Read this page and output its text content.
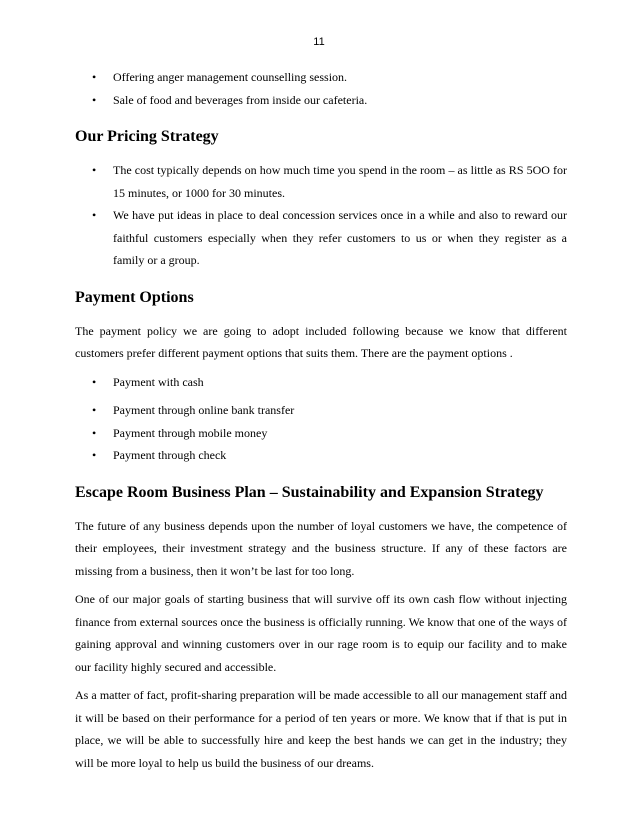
11
• Offering anger management counselling session.
• Sale of food and beverages from inside our cafeteria.
Our Pricing Strategy
• The cost typically depends on how much time you spend in the room – as little as RS 5OO for 15 minutes, or 1000 for 30 minutes.
• We have put ideas in place to deal concession services once in a while and also to reward our faithful customers especially when they refer customers to us or when they register as a family or a group.
Payment Options

The payment policy we are going to adopt included following because we know that different customers prefer different payment options that suits them. There are the payment options .

• Payment with cash
• Payment through online bank transfer
• Payment through mobile money
• Payment through check
Escape Room Business Plan – Sustainability and Expansion Strategy

The future of any business depends upon the number of loyal customers we have, the competence of their employees, their investment strategy and the business structure. If any of these factors are missing from a business, then it won’t be last for too long.

One of our major goals of starting business that will survive off its own cash flow without injecting finance from external sources once the business is officially running. We know that one of the ways of gaining approval and winning customers over in our rage room is to equip our facility and to make our facility highly secured and accessible.

As a matter of fact, profit-sharing preparation will be made accessible to all our management staff and it will be based on their performance for a period of ten years or more. We know that if that is put in place, we will be able to successfully hire and keep the best hands we can get in the industry; they will be more loyal to help us build the business of our dreams.
